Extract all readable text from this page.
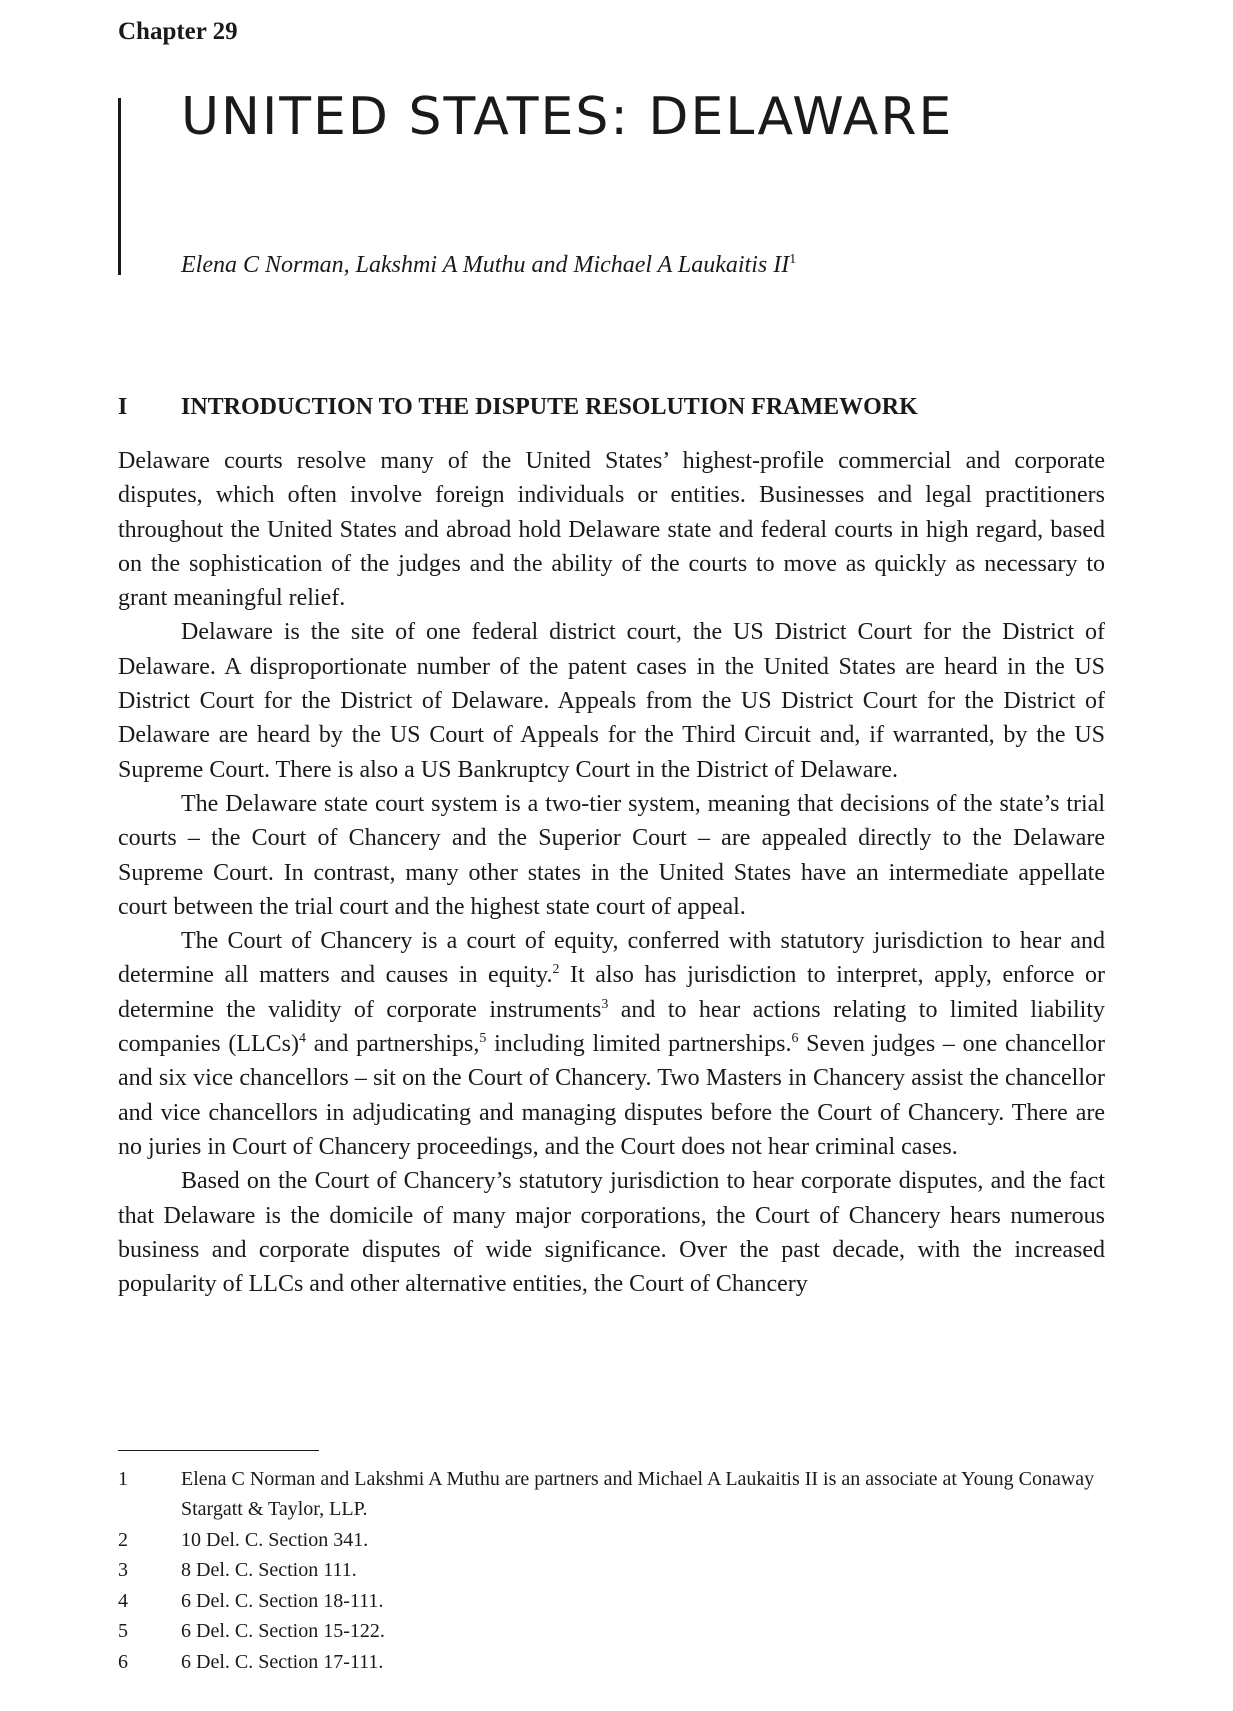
Chapter 29
UNITED STATES: DELAWARE
Elena C Norman, Lakshmi A Muthu and Michael A Laukaitis $II^1$
I INTRODUCTION TO THE DISPUTE RESOLUTION FRAMEWORK

Delaware courts resolve many of the United States’ highest-profile commercial and corporate disputes, which often involve foreign individuals or entities. Businesses and legal practitioners throughout the United States and abroad hold Delaware state and federal courts in high regard, based on the sophistication of the judges and the ability of the courts to move as quickly as necessary to grant meaningful relief.

Delaware is the site of one federal district court, the US District Court for the District of Delaware. A disproportionate number of the patent cases in the United States are heard in the US District Court for the District of Delaware. Appeals from the US District Court for the District of Delaware are heard by the US Court of Appeals for the Third Circuit and, if warranted, by the US Supreme Court. There is also a US Bankruptcy Court in the District of Delaware.

The Delaware state court system is a two-tier system, meaning that decisions of the state’s trial courts – the Court of Chancery and the Superior Court – are appealed directly to the Delaware Supreme Court. In contrast, many other states in the United States have an intermediate appellate court between the trial court and the highest state court of appeal.

The Court of Chancery is a court of equity, conferred with statutory jurisdiction to hear and determine all matters and causes in equity.$^2$ It also has jurisdiction to interpret, apply, enforce or determine the validity of corporate instruments$^3$ and to hear actions relating to limited liability companies (LLCs)$^4$ and partnerships,$^5$ including limited partnerships.$^6$ Seven judges – one chancellor and six vice chancellors – sit on the Court of Chancery. Two Masters in Chancery assist the chancellor and vice chancellors in adjudicating and managing disputes before the Court of Chancery. There are no juries in Court of Chancery proceedings, and the Court does not hear criminal cases.

Based on the Court of Chancery’s statutory jurisdiction to hear corporate disputes, and the fact that Delaware is the domicile of many major corporations, the Court of Chancery hears numerous business and corporate disputes of wide significance. Over the past decade, with the increased popularity of LLCs and other alternative entities, the Court of Chancery

1	Elena C Norman and Lakshmi A Muthu are partners and Michael A Laukaitis II is an associate at Young Conaway Stargatt & Taylor, LLP.
2	10 Del. C. Section 341.
3	8 Del. C. Section 111.
4	6 Del. C. Section 18-111.
5	6 Del. C. Section 15-122.
6	6 Del. C. Section 17-111.
